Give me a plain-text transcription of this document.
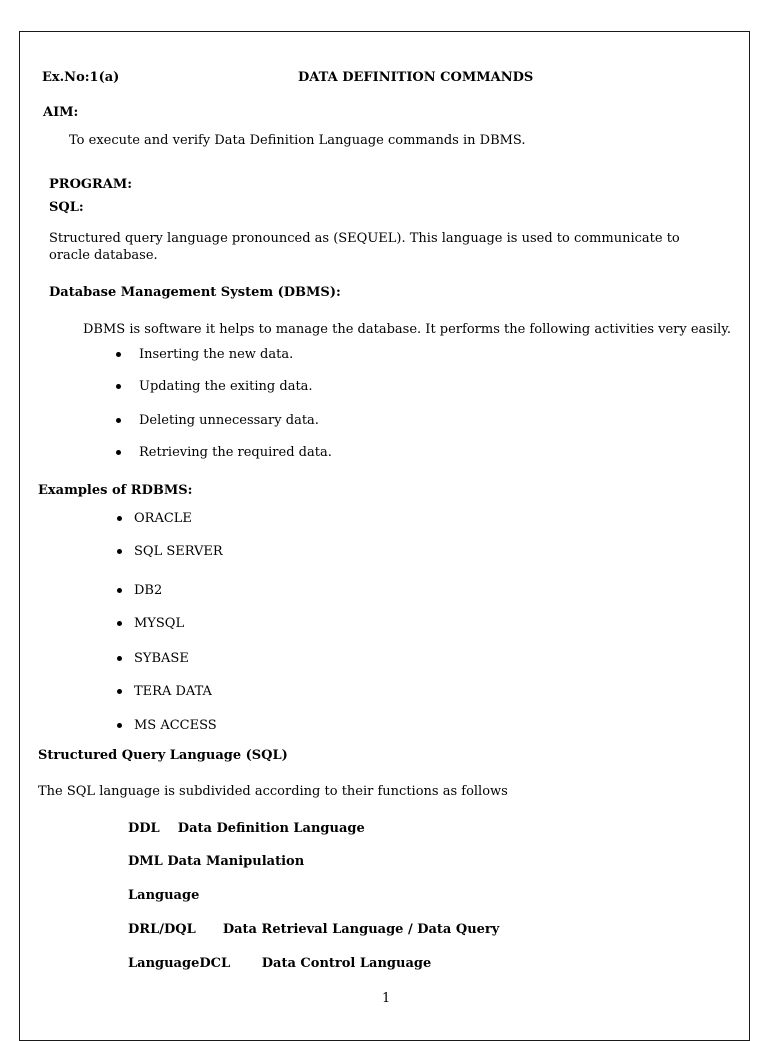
Ex.No:1(a)	DATA DEFINITION COMMANDS
AIM:
To execute and verify Data Definition Language commands in DBMS.
PROGRAM:
SQL:
Structured query language pronounced as (SEQUEL). This language is used to communicate to oracle database.
Database Management System (DBMS):
DBMS is software it helps to manage the database. It performs the following activities very easily.
Inserting the new data.
Updating the exiting data.
Deleting unnecessary data.
Retrieving the required data.
Examples of RDBMS:
ORACLE
SQL SERVER
DB2
MYSQL
SYBASE
TERA DATA
MS ACCESS
Structured Query Language (SQL)
The SQL language is subdivided according to their functions as follows
DDL    Data Definition Language
DML Data Manipulation
Language
DRL/DQL      Data Retrieval Language / Data Query
LanguageDCL       Data Control Language
1
